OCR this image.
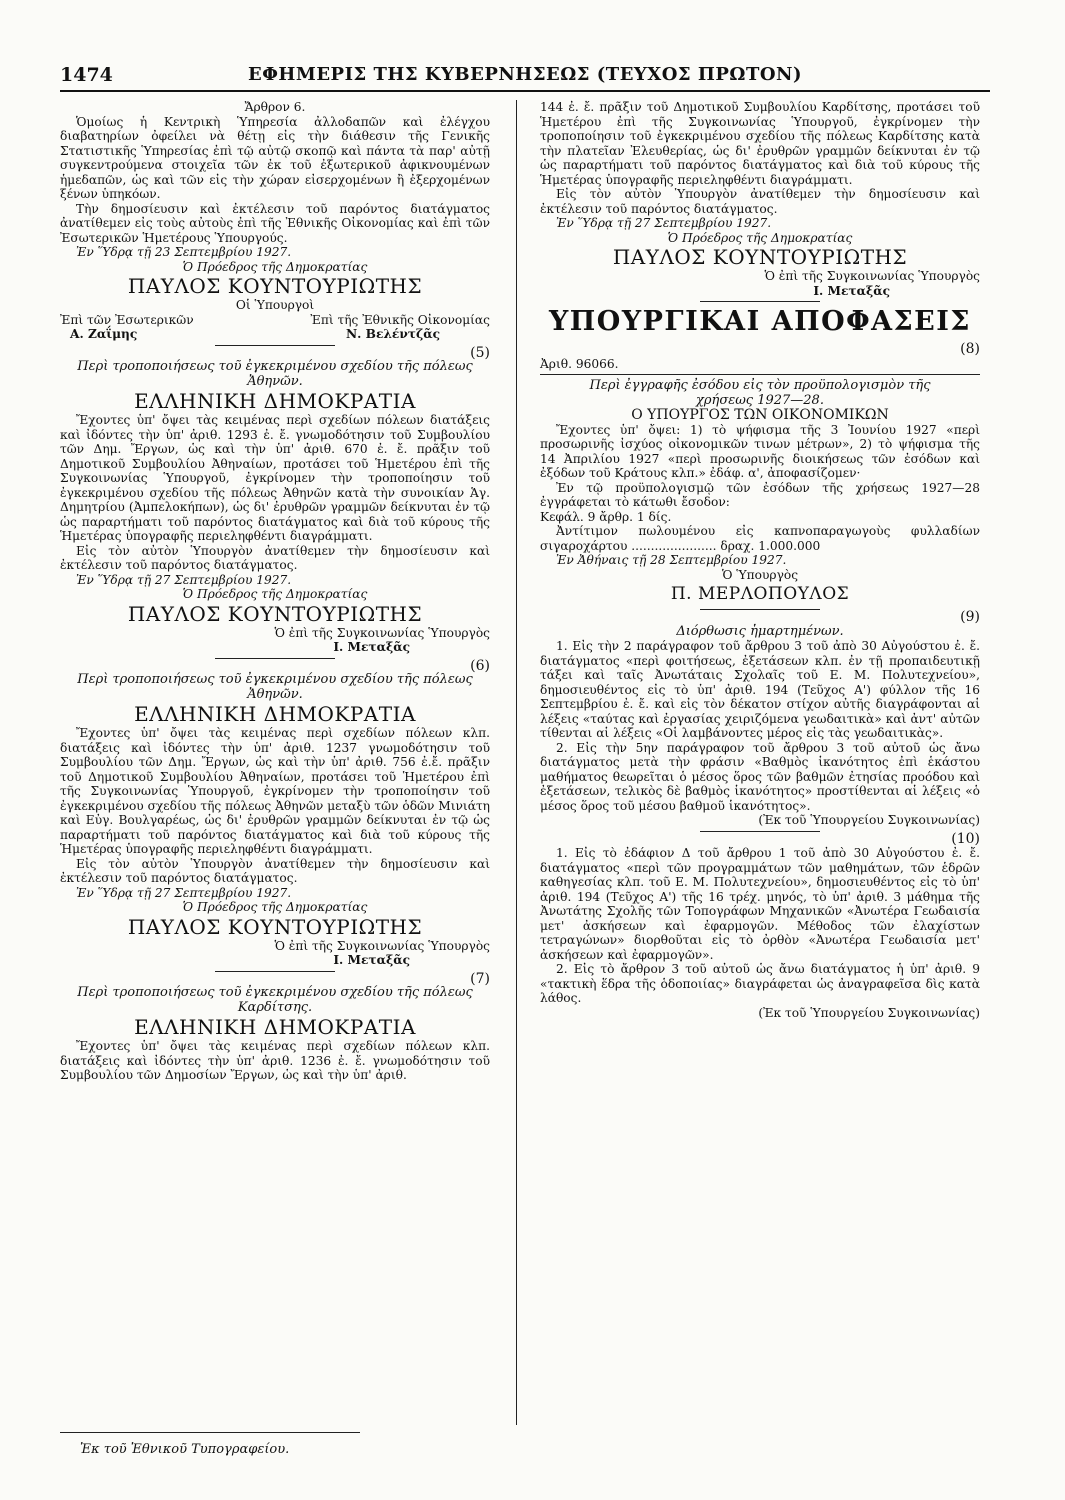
1474	ΕΦΗΜΕΡΙΣ ΤΗΣ ΚΥΒΕΡΝΗΣΕΩΣ (ΤΕΥΧΟΣ ΠΡΩΤΟΝ)

Ἄρθρον 6.

Ὁμοίως ἡ Κεντρικὴ Ὑπηρεσία ἀλλοδαπῶν καὶ ἐλέγχου διαβατηρίων ὀφείλει νὰ θέτῃ εἰς τὴν διάθεσιν τῆς Γενικῆς Στατιστικῆς Ὑπηρεσίας ἐπὶ τῷ αὐτῷ σκοπῷ καὶ πάντα τὰ παρ' αὐτῇ συγκεντρούμενα στοιχεῖα τῶν ἐκ τοῦ ἐξωτερικοῦ ἀφικνουμένων ἡμεδαπῶν, ὡς καὶ τῶν εἰς τὴν χώραν εἰσερχομένων ἢ ἐξερχομένων ξένων ὑπηκόων.

Τὴν δημοσίευσιν καὶ ἐκτέλεσιν τοῦ παρόντος διατάγματος ἀνατίθεμεν εἰς τοὺς αὐτοὺς ἐπὶ τῆς Ἐθνικῆς Οἰκονομίας καὶ ἐπὶ τῶν Ἐσωτερικῶν Ἡμετέρους Ὑπουργούς.

Ἐν Ὕδρᾳ τῇ 23 Σεπτεμβρίου 1927.

Ὁ Πρόεδρος τῆς Δημοκρατίας

ΠΑΥΛΟΣ ΚΟΥΝΤΟΥΡΙΩΤΗΣ

Οἱ Ὑπουργοὶ

Ἐπὶ τῶν Ἐσωτερικῶν	Ἐπὶ τῆς Ἐθνικῆς Οἰκονομίας
Α. Ζαΐμης	Ν. Βελέντζᾶς

(5)

Περὶ τροποποιήσεως τοῦ ἐγκεκριμένου σχεδίου τῆς πόλεως

Ἀθηνῶν.

ΕΛΛΗΝΙΚΗ ΔΗΜΟΚΡΑΤΙΑ

Ἔχοντες ὑπ' ὄψει τὰς κειμένας περὶ σχεδίων πόλεων διατάξεις καὶ ἰδόντες τὴν ὑπ' ἀριθ. 1293 ἐ. ἔ. γνωμοδότησιν τοῦ Συμβουλίου τῶν Δημ. Ἔργων, ὡς καὶ τὴν ὑπ' ἀριθ. 670 ἐ. ἔ. πρᾶξιν τοῦ Δημοτικοῦ Συμβουλίου Ἀθηναίων, προτάσει τοῦ Ἡμετέρου ἐπὶ τῆς Συγκοινωνίας Ὑπουργοῦ, ἐγκρίνομεν τὴν τροποποίησιν τοῦ ἐγκεκριμένου σχεδίου τῆς πόλεως Ἀθηνῶν κατὰ τὴν συνοικίαν Ἁγ. Δημητρίου (Ἀμπελοκήπων), ὡς δι' ἐρυθρῶν γραμμῶν δείκνυται ἐν τῷ ὡς παραρτήματι τοῦ παρόντος διατάγματος καὶ διὰ τοῦ κύρους τῆς Ἡμετέρας ὑπογραφῆς περιεληφθέντι διαγράμματι.

Εἰς τὸν αὐτὸν Ὑπουργὸν ἀνατίθεμεν τὴν δημοσίευσιν καὶ ἐκτέλεσιν τοῦ παρόντος διατάγματος.

Ἐν Ὕδρᾳ τῇ 27 Σεπτεμβρίου 1927.

Ὁ Πρόεδρος τῆς Δημοκρατίας

ΠΑΥΛΟΣ ΚΟΥΝΤΟΥΡΙΩΤΗΣ

Ὁ ἐπὶ τῆς Συγκοινωνίας Ὑπουργὸς

Ι. Μεταξᾶς

(6)

Περὶ τροποποιήσεως τοῦ ἐγκεκριμένου σχεδίου τῆς πόλεως

Ἀθηνῶν.

ΕΛΛΗΝΙΚΗ ΔΗΜΟΚΡΑΤΙΑ

Ἔχοντες ὑπ' ὄψει τὰς κειμένας περὶ σχεδίων πόλεων κλπ. διατάξεις καὶ ἰδόντες τὴν ὑπ' ἀριθ. 1237 γνωμοδότησιν τοῦ Συμβουλίου τῶν Δημ. Ἔργων, ὡς καὶ τὴν ὑπ' ἀριθ. 756 ἐ.ἔ. πρᾶξιν τοῦ Δημοτικοῦ Συμβουλίου Ἀθηναίων, προτάσει τοῦ Ἡμετέρου ἐπὶ τῆς Συγκοινωνίας Ὑπουργοῦ, ἐγκρίνομεν τὴν τροποποίησιν τοῦ ἐγκεκριμένου σχεδίου τῆς πόλεως Ἀθηνῶν μεταξὺ τῶν ὁδῶν Μινιάτη καὶ Εὐγ. Βουλγαρέως, ὡς δι' ἐρυθρῶν γραμμῶν δείκνυται ἐν τῷ ὡς παραρτήματι τοῦ παρόντος διατάγματος καὶ διὰ τοῦ κύρους τῆς Ἡμετέρας ὑπογραφῆς περιεληφθέντι διαγράμματι.

Εἰς τὸν αὐτὸν Ὑπουργὸν ἀνατίθεμεν τὴν δημοσίευσιν καὶ ἐκτέλεσιν τοῦ παρόντος διατάγματος.

Ἐν Ὕδρᾳ τῇ 27 Σεπτεμβρίου 1927.

Ὁ Πρόεδρος τῆς Δημοκρατίας

ΠΑΥΛΟΣ ΚΟΥΝΤΟΥΡΙΩΤΗΣ

Ὁ ἐπὶ τῆς Συγκοινωνίας Ὑπουργὸς

Ι. Μεταξᾶς

(7)

Περὶ τροποποιήσεως τοῦ ἐγκεκριμένου σχεδίου τῆς πόλεως

Καρδίτσης.

ΕΛΛΗΝΙΚΗ ΔΗΜΟΚΡΑΤΙΑ

Ἔχοντες ὑπ' ὄψει τὰς κειμένας περὶ σχεδίων πόλεων κλπ. διατάξεις καὶ ἰδόντες τὴν ὑπ' ἀριθ. 1236 ἐ. ἔ. γνωμοδότησιν τοῦ Συμβουλίου τῶν Δημοσίων Ἔργων, ὡς καὶ τὴν ὑπ' ἀριθ.

144 ἐ. ἔ. πρᾶξιν τοῦ Δημοτικοῦ Συμβουλίου Καρδίτσης, προτάσει τοῦ Ἡμετέρου ἐπὶ τῆς Συγκοινωνίας Ὑπουργοῦ, ἐγκρίνομεν τὴν τροποποίησιν τοῦ ἐγκεκριμένου σχεδίου τῆς πόλεως Καρδίτσης κατὰ τὴν πλατεῖαν Ἐλευθερίας, ὡς δι' ἐρυθρῶν γραμμῶν δείκνυται ἐν τῷ ὡς παραρτήματι τοῦ παρόντος διατάγματος καὶ διὰ τοῦ κύρους τῆς Ἡμετέρας ὑπογραφῆς περιεληφθέντι διαγράμματι.

Εἰς τὸν αὐτὸν Ὑπουργὸν ἀνατίθεμεν τὴν δημοσίευσιν καὶ ἐκτέλεσιν τοῦ παρόντος διατάγματος.

Ἐν Ὕδρᾳ τῇ 27 Σεπτεμβρίου 1927.

Ὁ Πρόεδρος τῆς Δημοκρατίας

ΠΑΥΛΟΣ ΚΟΥΝΤΟΥΡΙΩΤΗΣ

Ὁ ἐπὶ τῆς Συγκοινωνίας Ὑπουργὸς

Ι. Μεταξᾶς

ΥΠΟΥΡΓΙΚΑΙ ΑΠΟΦΑΣΕΙΣ

(8)

Ἀριθ. 96066.

Περὶ ἐγγραφῆς ἐσόδου εἰς τὸν προϋπολογισμὸν τῆς

χρήσεως 1927—28.

Ο ΥΠΟΥΡΓΟΣ ΤΩΝ ΟΙΚΟΝΟΜΙΚΩΝ

Ἔχοντες ὑπ' ὄψει: 1) τὸ ψήφισμα τῆς 3 Ἰουνίου 1927 «περὶ προσωρινῆς ἰσχύος οἰκονομικῶν τινων μέτρων», 2) τὸ ψήφισμα τῆς 14 Ἀπριλίου 1927 «περὶ προσωρινῆς διοικήσεως τῶν ἐσόδων καὶ ἐξόδων τοῦ Κράτους κλπ.» ἐδάφ. α', ἀποφασίζομεν·

Ἐν τῷ προϋπολογισμῷ τῶν ἐσόδων τῆς χρήσεως 1927—28 ἐγγράφεται τὸ κάτωθι ἔσοδον:

Κεφάλ. 9 ἄρθρ. 1 δίς.

Ἀντίτιμον πωλουμένου εἰς καπνοπαραγωγοὺς φυλλαδίων σιγαροχάρτου ...................... δραχ. 1.000.000

Ἐν Ἀθήναις τῇ 28 Σεπτεμβρίου 1927.

Ὁ Ὑπουργὸς

Π. ΜΕΡΛΟΠΟΥΛΟΣ

(9)

Διόρθωσις ἡμαρτημένων.

1. Εἰς τὴν 2 παράγραφον τοῦ ἄρθρου 3 τοῦ ἀπὸ 30 Αὐγούστου ἐ. ἔ. διατάγματος «περὶ φοιτήσεως, ἐξετάσεων κλπ. ἐν τῇ προπαιδευτικῇ τάξει καὶ ταῖς Ἀνωτάταις Σχολαῖς τοῦ Ε. Μ. Πολυτεχνείου», δημοσιευθέντος εἰς τὸ ὑπ' ἀριθ. 194 (Τεῦχος Α') φύλλον τῆς 16 Σεπτεμβρίου ἐ. ἔ. καὶ εἰς τὸν δέκατον στίχον αὐτῆς διαγράφονται αἱ λέξεις «ταύτας καὶ ἐργασίας χειριζόμενα γεωδαιτικὰ» καὶ ἀντ' αὐτῶν τίθενται αἱ λέξεις «Οἱ λαμβάνοντες μέρος εἰς τὰς γεωδαιτικὰς».

2. Εἰς τὴν 5ην παράγραφον τοῦ ἄρθρου 3 τοῦ αὐτοῦ ὡς ἄνω διατάγματος μετὰ τὴν φράσιν «Βαθμὸς ἱκανότητος ἐπὶ ἑκάστου μαθήματος θεωρεῖται ὁ μέσος ὅρος τῶν βαθμῶν ἐτησίας προόδου καὶ ἐξετάσεων, τελικὸς δὲ βαθμὸς ἱκανότητος» προστίθενται αἱ λέξεις «ὁ μέσος ὅρος τοῦ μέσου βαθμοῦ ἱκανότητος».

(Ἐκ τοῦ Ὑπουργείου Συγκοινωνίας)

(10)

1. Εἰς τὸ ἐδάφιον Δ τοῦ ἄρθρου 1 τοῦ ἀπὸ 30 Αὐγούστου ἐ. ἔ. διατάγματος «περὶ τῶν προγραμμάτων τῶν μαθημάτων, τῶν ἑδρῶν καθηγεσίας κλπ. τοῦ Ε. Μ. Πολυτεχνείου», δημοσιευθέντος εἰς τὸ ὑπ' ἀριθ. 194 (Τεῦχος Α') τῆς 16 τρέχ. μηνός, τὸ ὑπ' ἀριθ. 3 μάθημα τῆς Ἀνωτάτης Σχολῆς τῶν Τοπογράφων Μηχανικῶν «Ἀνωτέρα Γεωδαισία μετ' ἀσκήσεων καὶ ἐφαρμογῶν. Μέθοδος τῶν ἐλαχίστων τετραγώνων» διορθοῦται εἰς τὸ ὀρθὸν «Ἀνωτέρα Γεωδαισία μετ' ἀσκήσεων καὶ ἐφαρμογῶν».

2. Εἰς τὸ ἄρθρον 3 τοῦ αὐτοῦ ὡς ἄνω διατάγματος ἡ ὑπ' ἀριθ. 9 «τακτικὴ ἕδρα τῆς ὁδοποιίας» διαγράφεται ὡς ἀναγραφεῖσα δὶς κατὰ λάθος.

(Ἐκ τοῦ Ὑπουργείου Συγκοινωνίας)

Ἐκ τοῦ Ἐθνικοῦ Τυπογραφείου.
